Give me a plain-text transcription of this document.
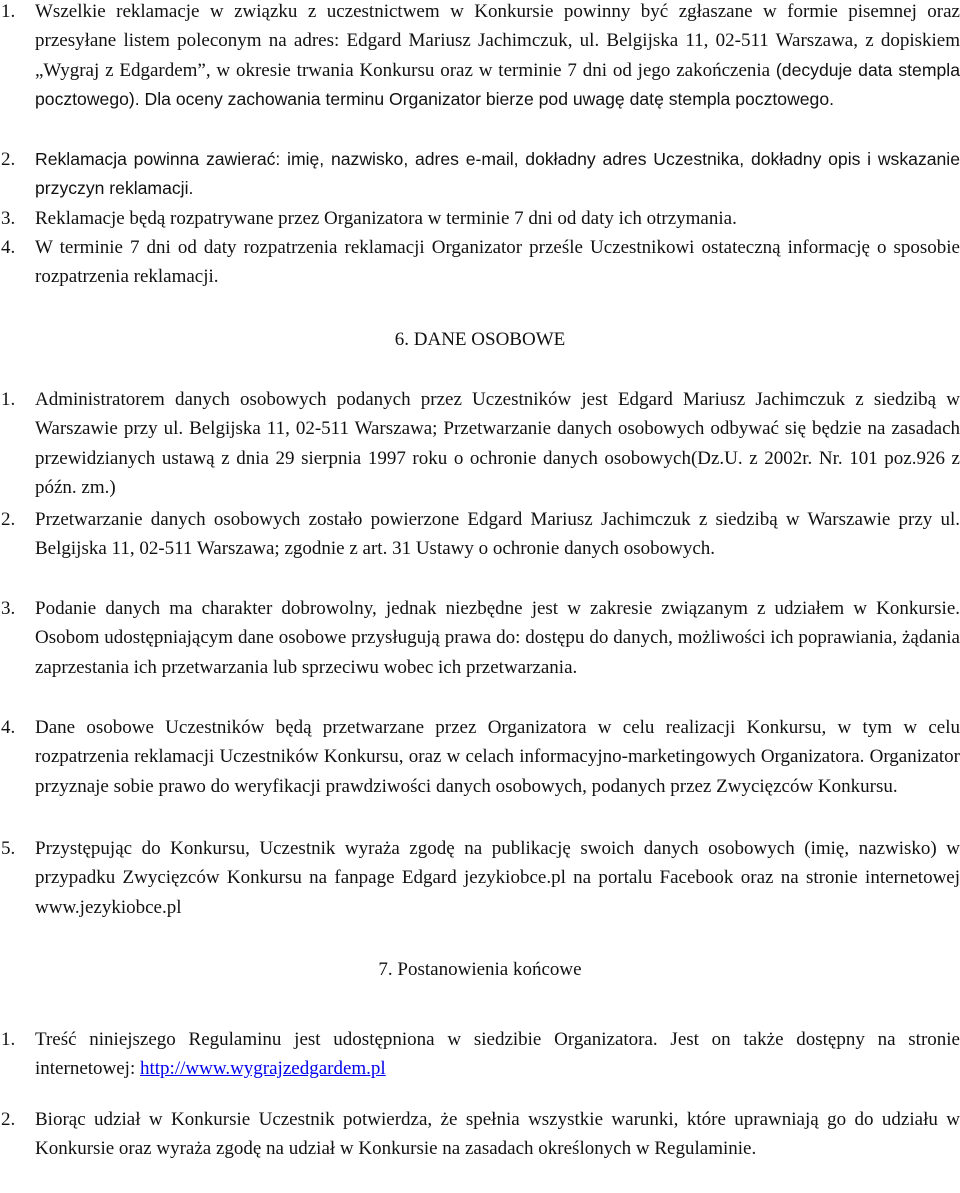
1. Wszelkie reklamacje w związku z uczestnictwem w Konkursie powinny być zgłaszane w formie pisemnej oraz przesyłane listem poleconym na adres: Edgard Mariusz Jachimczuk, ul. Belgijska 11, 02-511 Warszawa, z dopiskiem „Wygraj z Edgardem”, w okresie trwania Konkursu oraz w terminie 7 dni od jego zakończenia (decyduje data stempla pocztowego). Dla oceny zachowania terminu Organizator bierze pod uwagę datę stempla pocztowego.
2. Reklamacja powinna zawierać: imię, nazwisko, adres e-mail, dokładny adres Uczestnika, dokładny opis i wskazanie przyczyn reklamacji.
3. Reklamacje będą rozpatrywane przez Organizatora w terminie 7 dni od daty ich otrzymania.
4. W terminie 7 dni od daty rozpatrzenia reklamacji Organizator prześle Uczestnikowi ostateczną informację o sposobie rozpatrzenia reklamacji.
6. DANE OSOBOWE
1. Administratorem danych osobowych podanych przez Uczestników jest Edgard Mariusz Jachimczuk z siedzibą w Warszawie przy ul. Belgijska 11, 02-511 Warszawa; Przetwarzanie danych osobowych odbywać się będzie na zasadach przewidzianych ustawą z dnia 29 sierpnia 1997 roku o ochronie danych osobowych(Dz.U. z 2002r. Nr. 101 poz.926 z późn. zm.)
2. Przetwarzanie danych osobowych zostało powierzone Edgard Mariusz Jachimczuk z siedzibą w Warszawie przy ul. Belgijska 11, 02-511 Warszawa; zgodnie z art. 31 Ustawy o ochronie danych osobowych.
3. Podanie danych ma charakter dobrowolny, jednak niezbędne jest w zakresie związanym z udziałem w Konkursie. Osobom udostępniającym dane osobowe przysługują prawa do: dostępu do danych, możliwości ich poprawiania, żądania zaprzestania ich przetwarzania lub sprzeciwu wobec ich przetwarzania.
4. Dane osobowe Uczestników będą przetwarzane przez Organizatora w celu realizacji Konkursu, w tym w celu rozpatrzenia reklamacji Uczestników Konkursu, oraz w celach informacyjno-marketingowych Organizatora. Organizator przyznaje sobie prawo do weryfikacji prawdziwości danych osobowych, podanych przez Zwycięzców Konkursu.
5. Przystępując do Konkursu, Uczestnik wyraża zgodę na publikację swoich danych osobowych (imię, nazwisko) w przypadku Zwycięzców Konkursu na fanpage Edgard jezykiobce.pl na portalu Facebook oraz na stronie internetowej www.jezykiobce.pl
7. Postanowienia końcowe
1. Treść niniejszego Regulaminu jest udostępniona w siedzibie Organizatora. Jest on także dostępny na stronie internetowej: http://www.wygrajzedgardem.pl
2. Biorąc udział w Konkursie Uczestnik potwierdza, że spełnia wszystkie warunki, które uprawniają go do udziału w Konkursie oraz wyraża zgodę na udział w Konkursie na zasadach określonych w Regulaminie.
